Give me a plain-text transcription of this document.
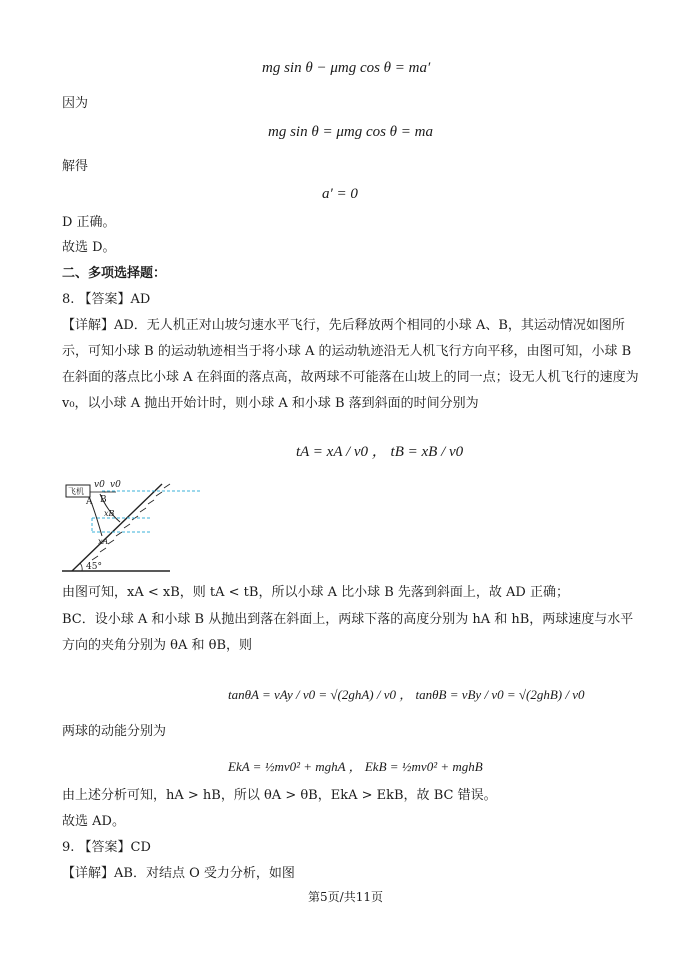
mg sin θ − μmg cos θ = ma′
因为
mg sin θ = μmg cos θ = ma
解得
a′ = 0
D 正确。
故选 D。
二、多项选择题：
8. 【答案】AD
【详解】AD．无人机正对山坡匀速水平飞行，先后释放两个相同的小球 A、B，其运动情况如图所示，可知小球 B 的运动轨迹相当于将小球 A 的运动轨迹沿无人机飞行方向平移，由图可知，小球 B 在斜面的落点比小球 A 在斜面的落点高，故两球不可能落在山坡上的同一点；设无人机飞行的速度为 v₀，以小球 A 抛出开始计时，则小球 A 和小球 B 落到斜面的时间分别为
tA = xA / v0 ， tB = xB / v0
飞机
v0 v0
A B
xB
xA
45°
由图可知，xA < xB，则 tA < tB，所以小球 A 比小球 B 先落到斜面上，故 AD 正确；
BC．设小球 A 和小球 B 从抛出到落在斜面上，两球下落的高度分别为 hA 和 hB，两球速度与水平方向的夹角分别为 θA 和 θB，则
tanθA = vAy / v0 = √(2ghA) / v0 ， tanθB = vBy / v0 = √(2ghB) / v0
两球的动能分别为
EkA = ½mv0² + mghA ， EkB = ½mv0² + mghB
由上述分析可知，hA > hB，所以 θA > θB，EkA > EkB，故 BC 错误。
故选 AD。
9. 【答案】CD
【详解】AB．对结点 O 受力分析，如图
第5页/共11页
